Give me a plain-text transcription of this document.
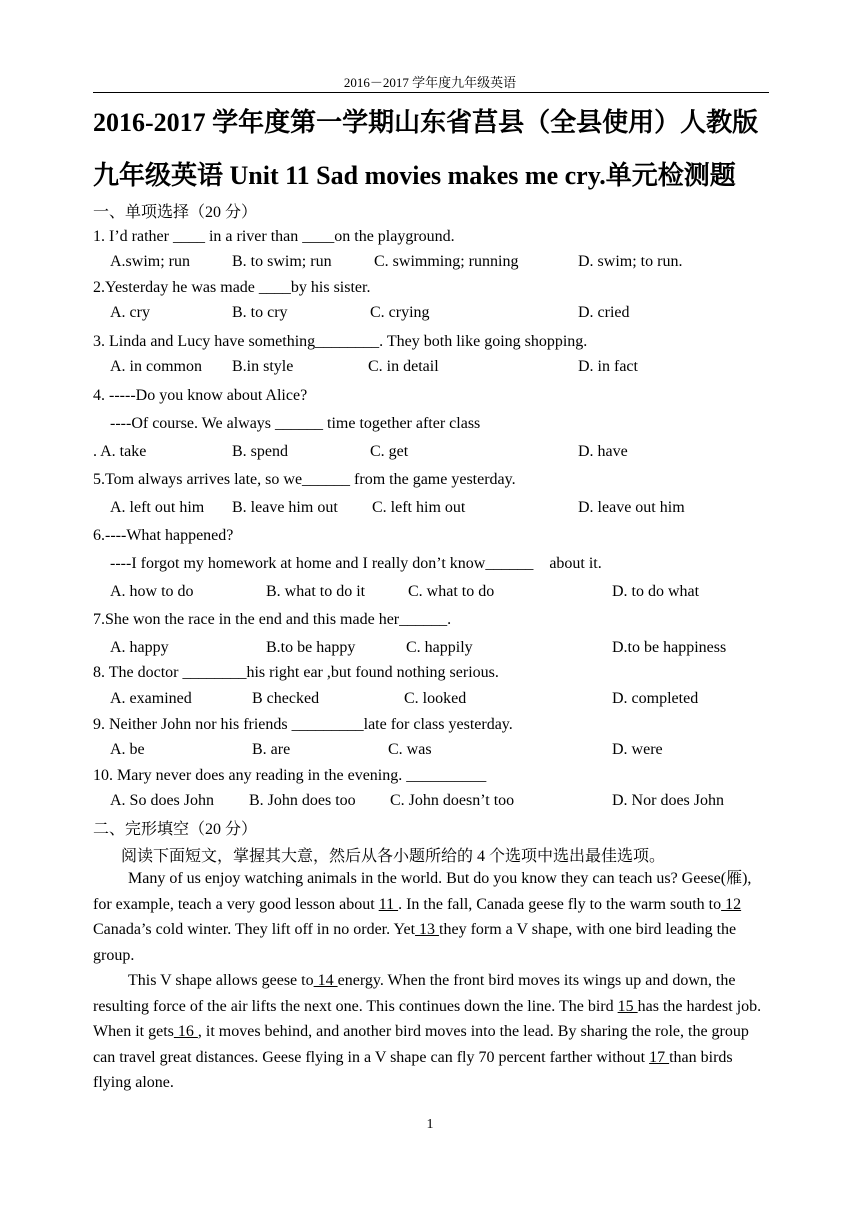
2016－2017 学年度九年级英语
2016-2017 学年度第一学期山东省莒县（全县使用）人教版
九年级英语 Unit 11 Sad movies makes me cry.单元检测题
一、单项选择（20 分）
1. I’d rather ____ in a river than ____on the playground.
A.swim; run	B. to swim; run	C. swimming; running	D. swim; to run.
2.Yesterday he was made ____by his sister.
A. cry	B. to cry	C. crying	D. cried
3. Linda and Lucy have something________. They both like going shopping.
A. in common B.in style	C. in detail	D. in fact
4. -----Do you know about Alice?
----Of course. We always ______ time together after class
. A. take	B. spend	C. get	D. have
5.Tom always arrives late, so we______ from the game yesterday.
A. left out him B. leave him out C. left him out	D. leave out him
6.----What happened?
----I forgot my homework at home and I really don’t know______    about it.
A. how to do	B. what to do it	C. what to do	D. to do what
7.She won the race in the end and this made her______.
A. happy	B.to be happy	C. happily	D.to be happiness
8. The doctor ________his right ear ,but found nothing serious.
A. examined	B checked	C. looked	D. completed
9. Neither John nor his friends _________late for class yesterday.
A. be	B. are	C. was	D. were
10. Mary never does any reading in the evening. __________
A. So does John B. John does too C. John doesn’t too	D. Nor does John
二、完形填空（20 分）
阅读下面短文，掌握其大意，然后从各小题所给的 4 个选项中选出最佳选项。
Many of us enjoy watching animals in the world. But do you know they can teach us? Geese(雁), for example, teach a very good lesson about 11 . In the fall, Canada geese fly to the warm south to 12 Canada’s cold winter. They lift off in no order. Yet 13 they form a V shape, with one bird leading the group.
This V shape allows geese to 14 energy. When the front bird moves its wings up and down, the resulting force of the air lifts the next one. This continues down the line. The bird 15 has the hardest job. When it gets 16 , it moves behind, and another bird moves into the lead. By sharing the role, the group can travel great distances. Geese flying in a V shape can fly 70 percent farther without 17 than birds flying alone.
1
